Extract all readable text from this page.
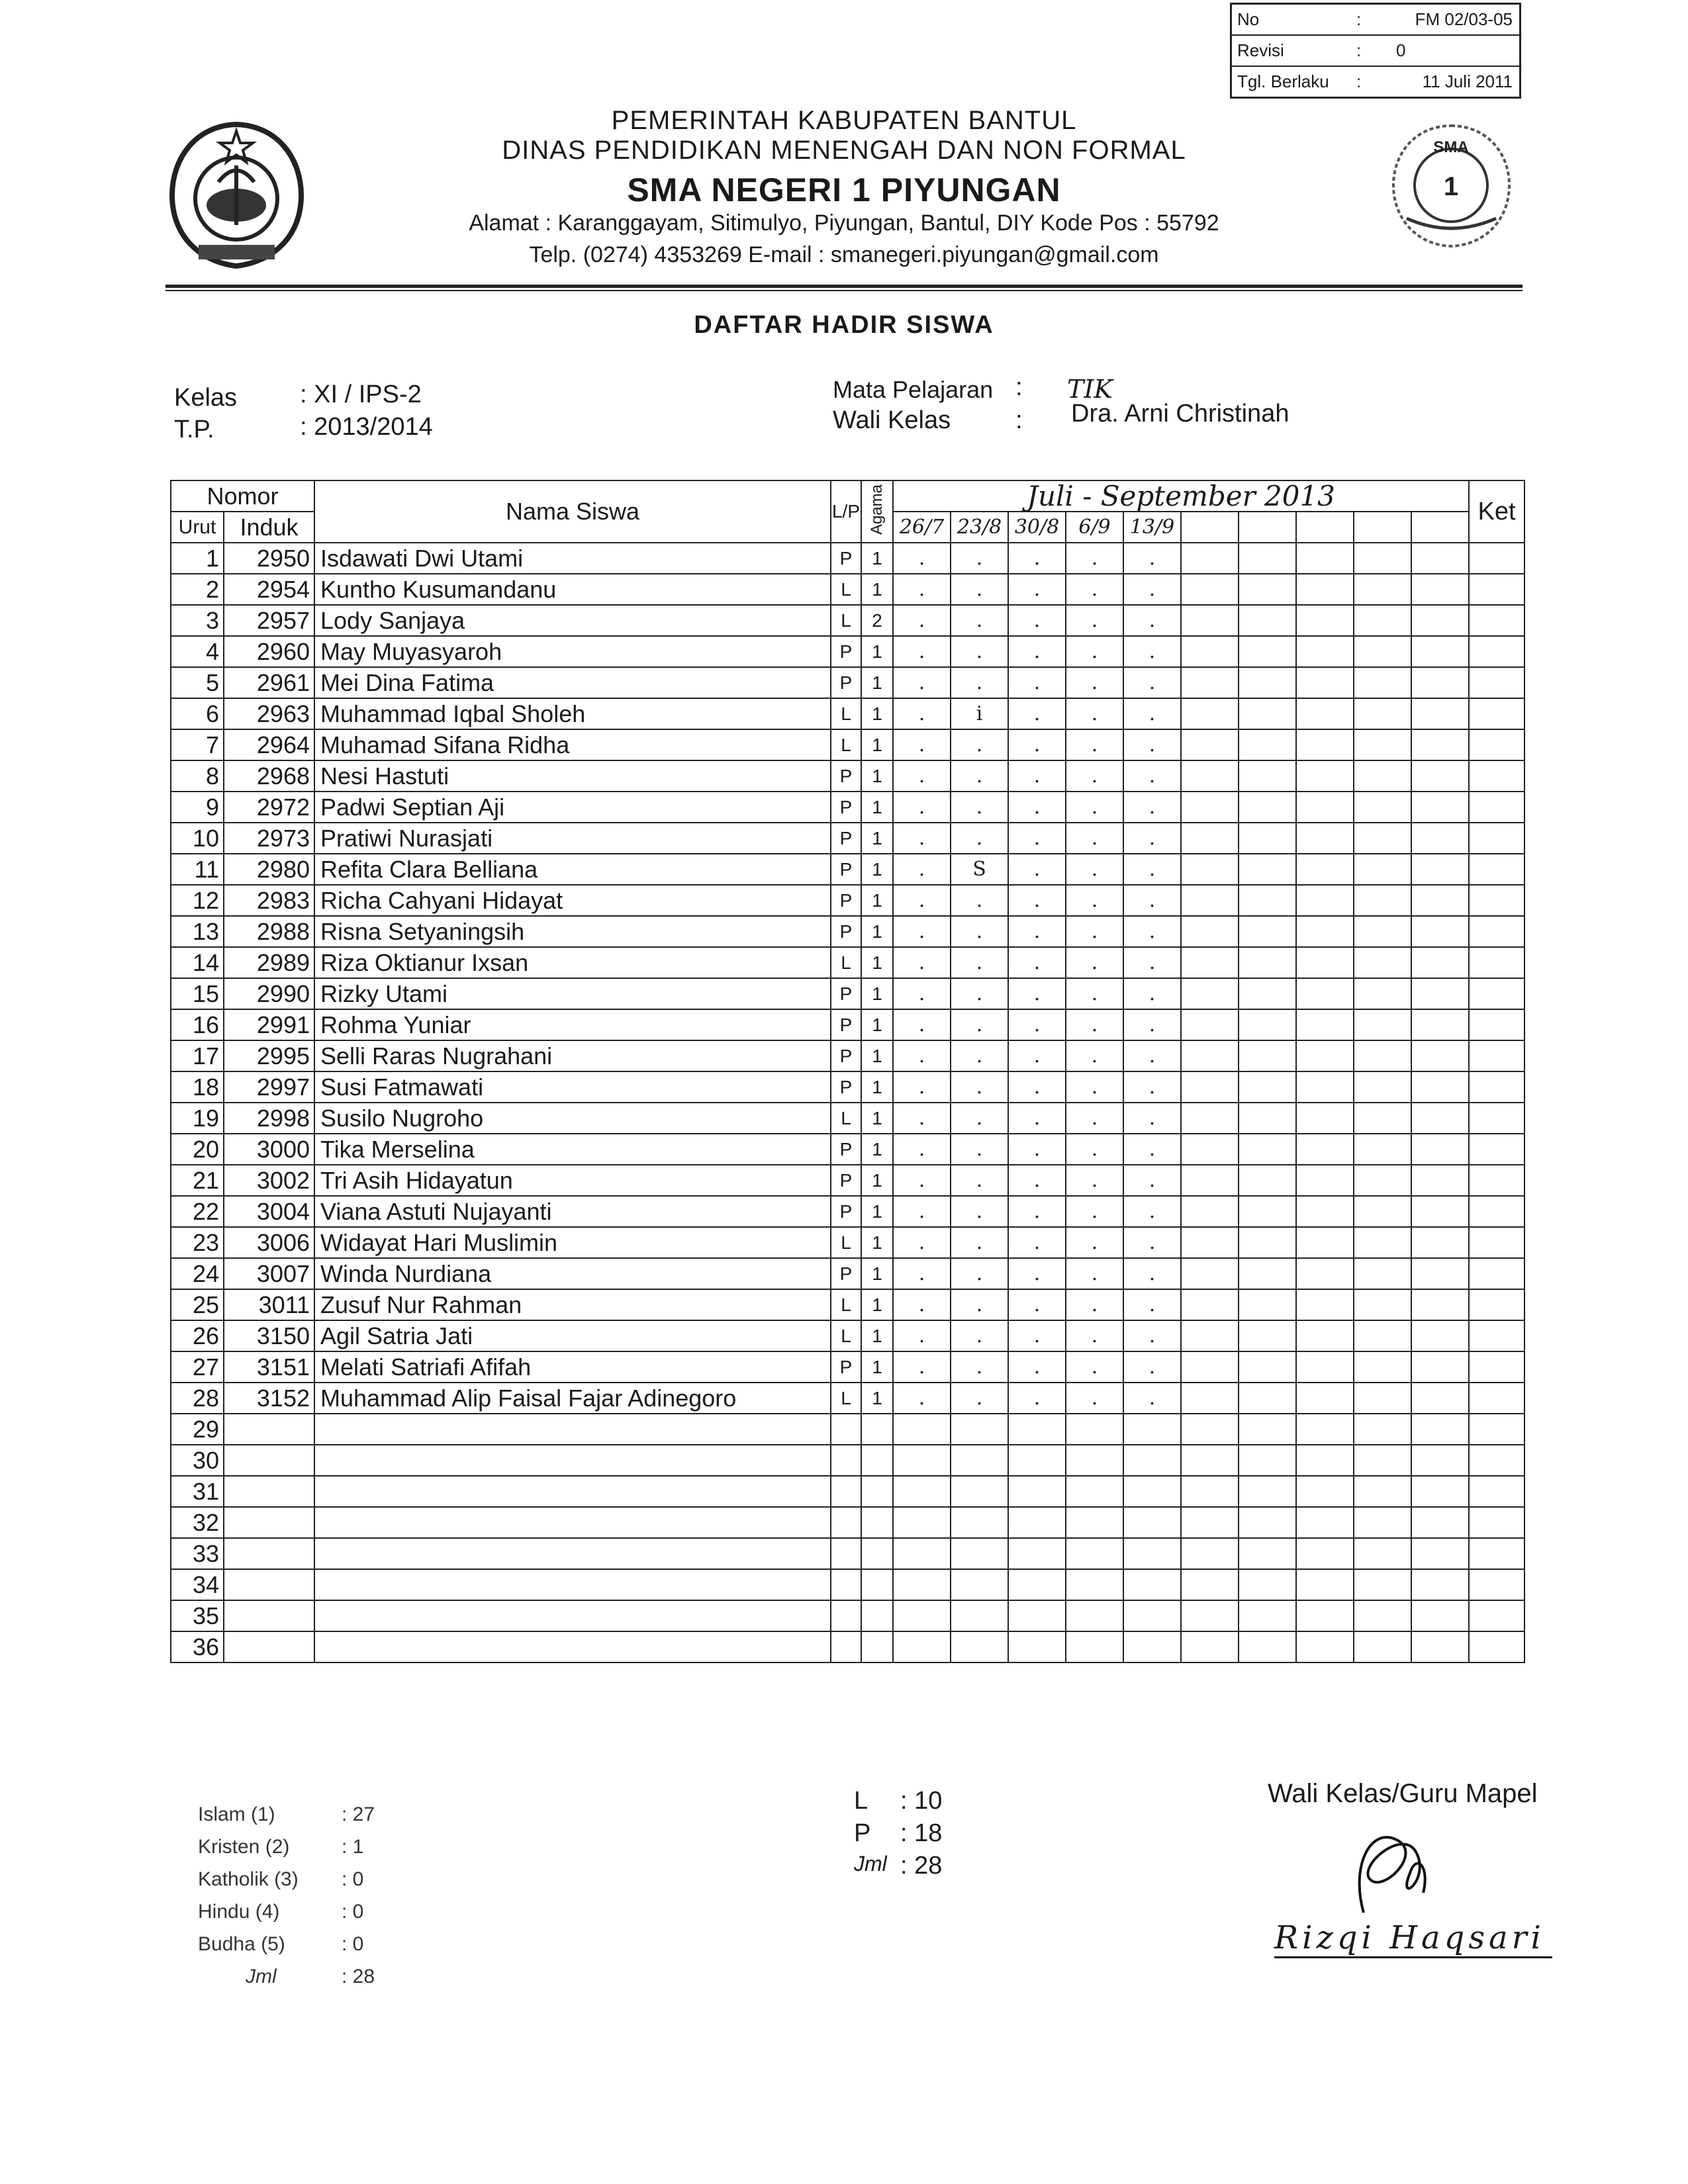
No	:	FM 02/03-05
Revisi	:	0
Tgl. Berlaku	:	11 Juli 2011
SMA
1
PEMERINTAH KABUPATEN BANTUL
DINAS PENDIDIKAN MENENGAH DAN NON FORMAL
SMA NEGERI 1 PIYUNGAN
Alamat : Karanggayam, Sitimulyo, Piyungan, Bantul, DIY Kode Pos : 55792
Telp. (0274) 4353269 E-mail : smanegeri.piyungan@gmail.com
DAFTAR HADIR SISWA
Kelas : XI / IPS-2
T.P.	: 2013/2014
Mata Pelajaran : TIK
Wali Kelas	: Dra. Arni Christinah
Nomor		Nama Siswa	L/P	Agama	Juli - September 2013										Ket
Urut	Induk				26/7	23/8	30/8	6/9	13/9						
1	2950	Isdawati Dwi Utami	P	1	.	.	.	.	.						
2	2954	Kuntho Kusumandanu	L	1	.	.	.	.	.						
3	2957	Lody Sanjaya	L	2	.	.	.	.	.						
4	2960	May Muyasyaroh	P	1	.	.	.	.	.						
5	2961	Mei Dina Fatima	P	1	.	.	.	.	.						
6	2963	Muhammad Iqbal Sholeh	L	1	.	i	.	.	.						
7	2964	Muhamad Sifana Ridha	L	1	.	.	.	.	.						
8	2968	Nesi Hastuti	P	1	.	.	.	.	.						
9	2972	Padwi Septian Aji	P	1	.	.	.	.	.						
10	2973	Pratiwi Nurasjati	P	1	.	.	.	.	.						
11	2980	Refita Clara Belliana	P	1	.	S	.	.	.						
12	2983	Richa Cahyani Hidayat	P	1	.	.	.	.	.						
13	2988	Risna Setyaningsih	P	1	.	.	.	.	.						
14	2989	Riza Oktianur Ixsan	L	1	.	.	.	.	.						
15	2990	Rizky Utami	P	1	.	.	.	.	.						
16	2991	Rohma Yuniar	P	1	.	.	.	.	.						
17	2995	Selli Raras Nugrahani	P	1	.	.	.	.	.						
18	2997	Susi Fatmawati	P	1	.	.	.	.	.						
19	2998	Susilo Nugroho	L	1	.	.	.	.	.						
20	3000	Tika Merselina	P	1	.	.	.	.	.						
21	3002	Tri Asih Hidayatun	P	1	.	.	.	.	.						
22	3004	Viana Astuti Nujayanti	P	1	.	.	.	.	.						
23	3006	Widayat Hari Muslimin	L	1	.	.	.	.	.						
24	3007	Winda Nurdiana	P	1	.	.	.	.	.						
25	3011	Zusuf Nur Rahman	L	1	.	.	.	.	.						
26	3150	Agil Satria Jati	L	1	.	.	.	.	.						
27	3151	Melati Satriafi Afifah	P	1	.	.	.	.	.						
28	3152	Muhammad Alip Faisal Fajar Adinegoro	L	1	.	.	.	.	.						
29															
30															
31															
32															
33															
34															
35															
36															
Islam (1)	: 27
Kristen (2)	: 1
Katholik (3)	: 0
Hindu (4)	: 0
Budha (5)	: 0
Jml	: 28
L	: 10
P	: 18
Jml : 28
Wali Kelas/Guru Mapel
Rizqi Haqsari
